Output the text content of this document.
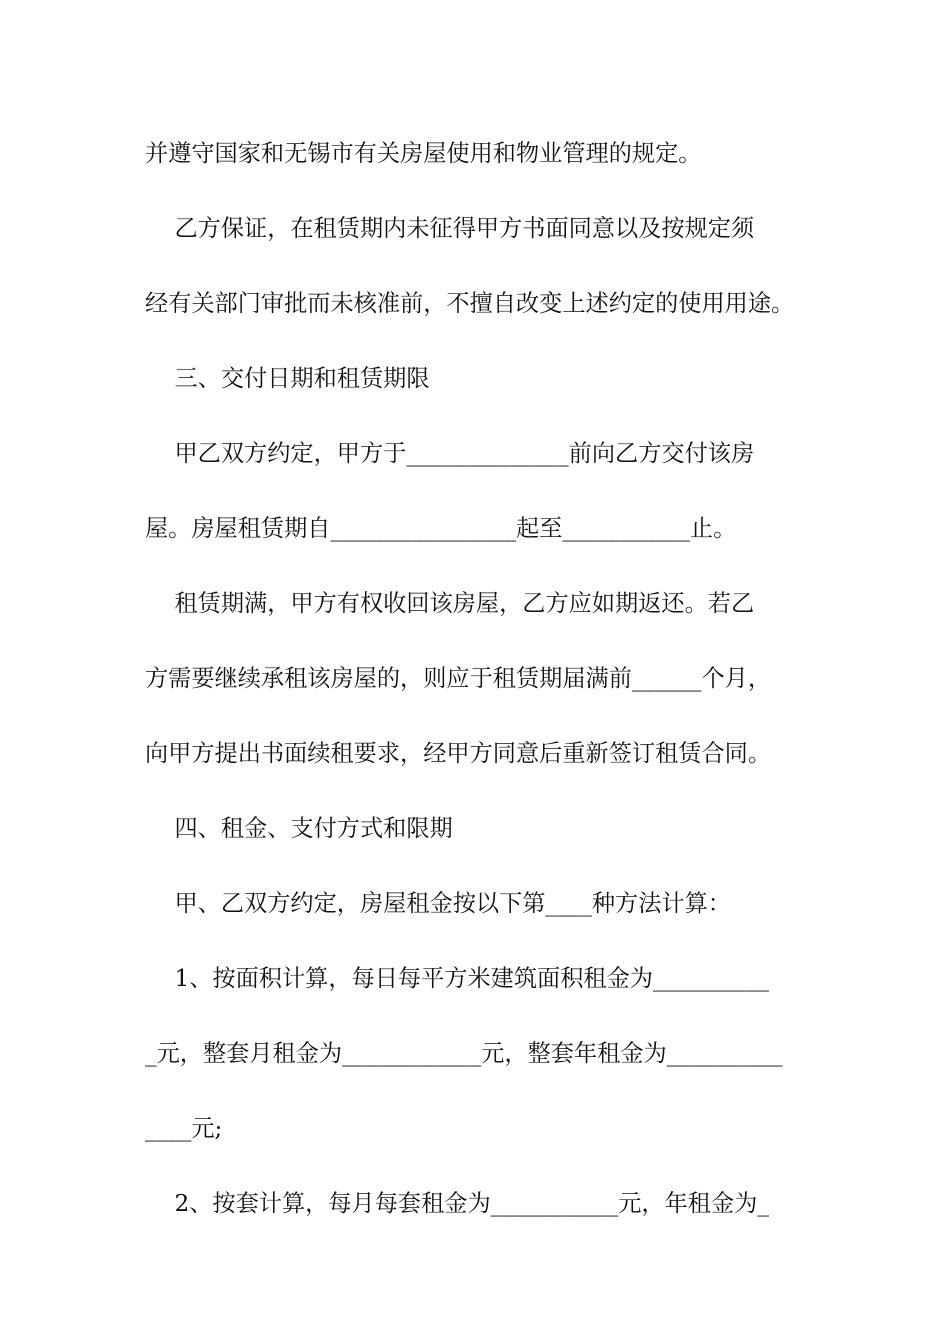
并遵守国家和无锡市有关房屋使用和物业管理的规定。
乙方保证，在租赁期内未征得甲方书面同意以及按规定须
经有关部门审批而未核准前，不擅自改变上述约定的使用用途。
三、交付日期和租赁期限
甲乙双方约定，甲方于______________前向乙方交付该房
屋。房屋租赁期自________________起至___________止。
租赁期满，甲方有权收回该房屋，乙方应如期返还。若乙
方需要继续承租该房屋的，则应于租赁期届满前______个月，
向甲方提出书面续租要求，经甲方同意后重新签订租赁合同。
四、租金、支付方式和限期
甲、乙双方约定，房屋租金按以下第____种方法计算：
1、按面积计算，每日每平方米建筑面积租金为__________
_元，整套月租金为____________元，整套年租金为__________
____元;
2、按套计算，每月每套租金为___________元，年租金为_
